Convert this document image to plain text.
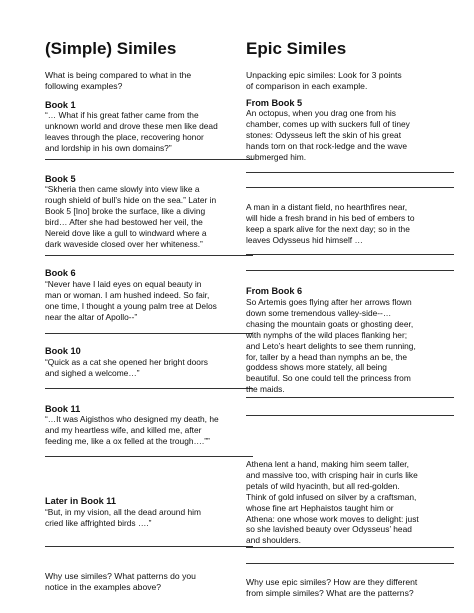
(Simple) Similes
What is being compared to what in the
following examples?
Book 1
“… What if his great father came from the
unknown world and drove these men like dead
leaves through the place, recovering honor
and lordship in his own domains?”
Book 5
“Skheria then came slowly into view like a
rough shield of bull’s hide on the sea.” Later in
Book 5 [Ino] broke the surface, like a diving
bird… After she had bestowed her veil, the
Nereid dove like a gull to windward where a
dark waveside closed over her whiteness.”
Book 6
“Never have I laid eyes on equal beauty in
man or woman. I am hushed indeed. So fair,
one time, I thought a young palm tree at Delos
near the altar of Apollo--”
Book 10
“Quick as a cat she opened her bright doors
and sighed a welcome…”
Book 11
“…It was Aigisthos who designed my death, he
and my heartless wife, and killed me, after
feeding me, like a ox felled at the trough….””
Later in Book 11
“But, in my vision, all the dead around him
cried like affrighted birds ….”
Why use similes? What patterns do you
notice in the examples above?
Epic Similes
Unpacking epic similes: Look for 3 points
of comparison in each example.
From Book 5
An octopus, when you drag one from his
chamber, comes up with suckers full of tiney
stones: Odysseus left the skin of his great
hands torn on that rock-ledge and the wave
submerged him.
A man in a distant field, no hearthfires near,
will hide a fresh brand in his bed of embers to
keep a spark alive for the next day; so in the
leaves Odysseus hid himself …
From Book 6
So Artemis goes flying after her arrows flown
down some tremendous valley-side--…
chasing the mountain goats or ghosting deer,
with nymphs of the wild places flanking her;
and Leto’s heart delights to see them running,
for, taller by a head than nymphs an be, the
goddess shows more stately, all being
beautiful. So one could tell the princess from
the maids.
Athena lent a hand, making him seem taller,
and massive too, with crisping hair in curls like
petals of wild hyacinth, but all red-golden.
Think of gold infused on silver by a craftsman,
whose fine art Hephaistos taught him or
Athena: one whose work moves to delight: just
so she lavished beauty over Odysseus’ head
and shoulders.
Why use epic similes? How are they different
from simple similes? What are the patterns?
